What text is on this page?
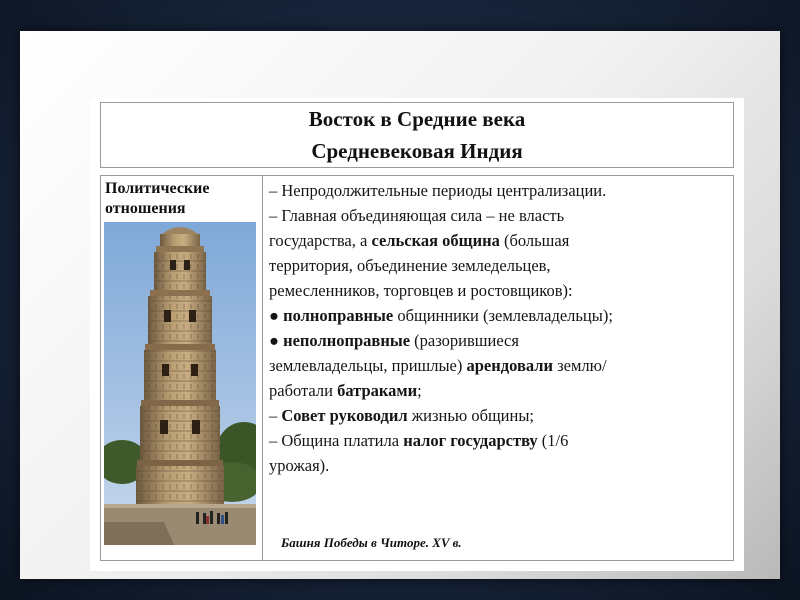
Восток в Средние века
Средневековая Индия
Политические
отношения

– Непродолжительные периоды централизации.

– Главная объединяющая сила – не власть

государства, а сельская община (большая

территория, объединение земледельцев,

ремесленников, торговцев и ростовщиков):

● полноправные общинники (землевладельцы);

● неполноправные (разорившиеся

землевладельцы, пришлые) арендовали землю/

работали батраками;

– Совет руководил жизнью общины;

– Община платила налог государству (1/6

урожая).

Башня Победы в Читоре. XV в.
